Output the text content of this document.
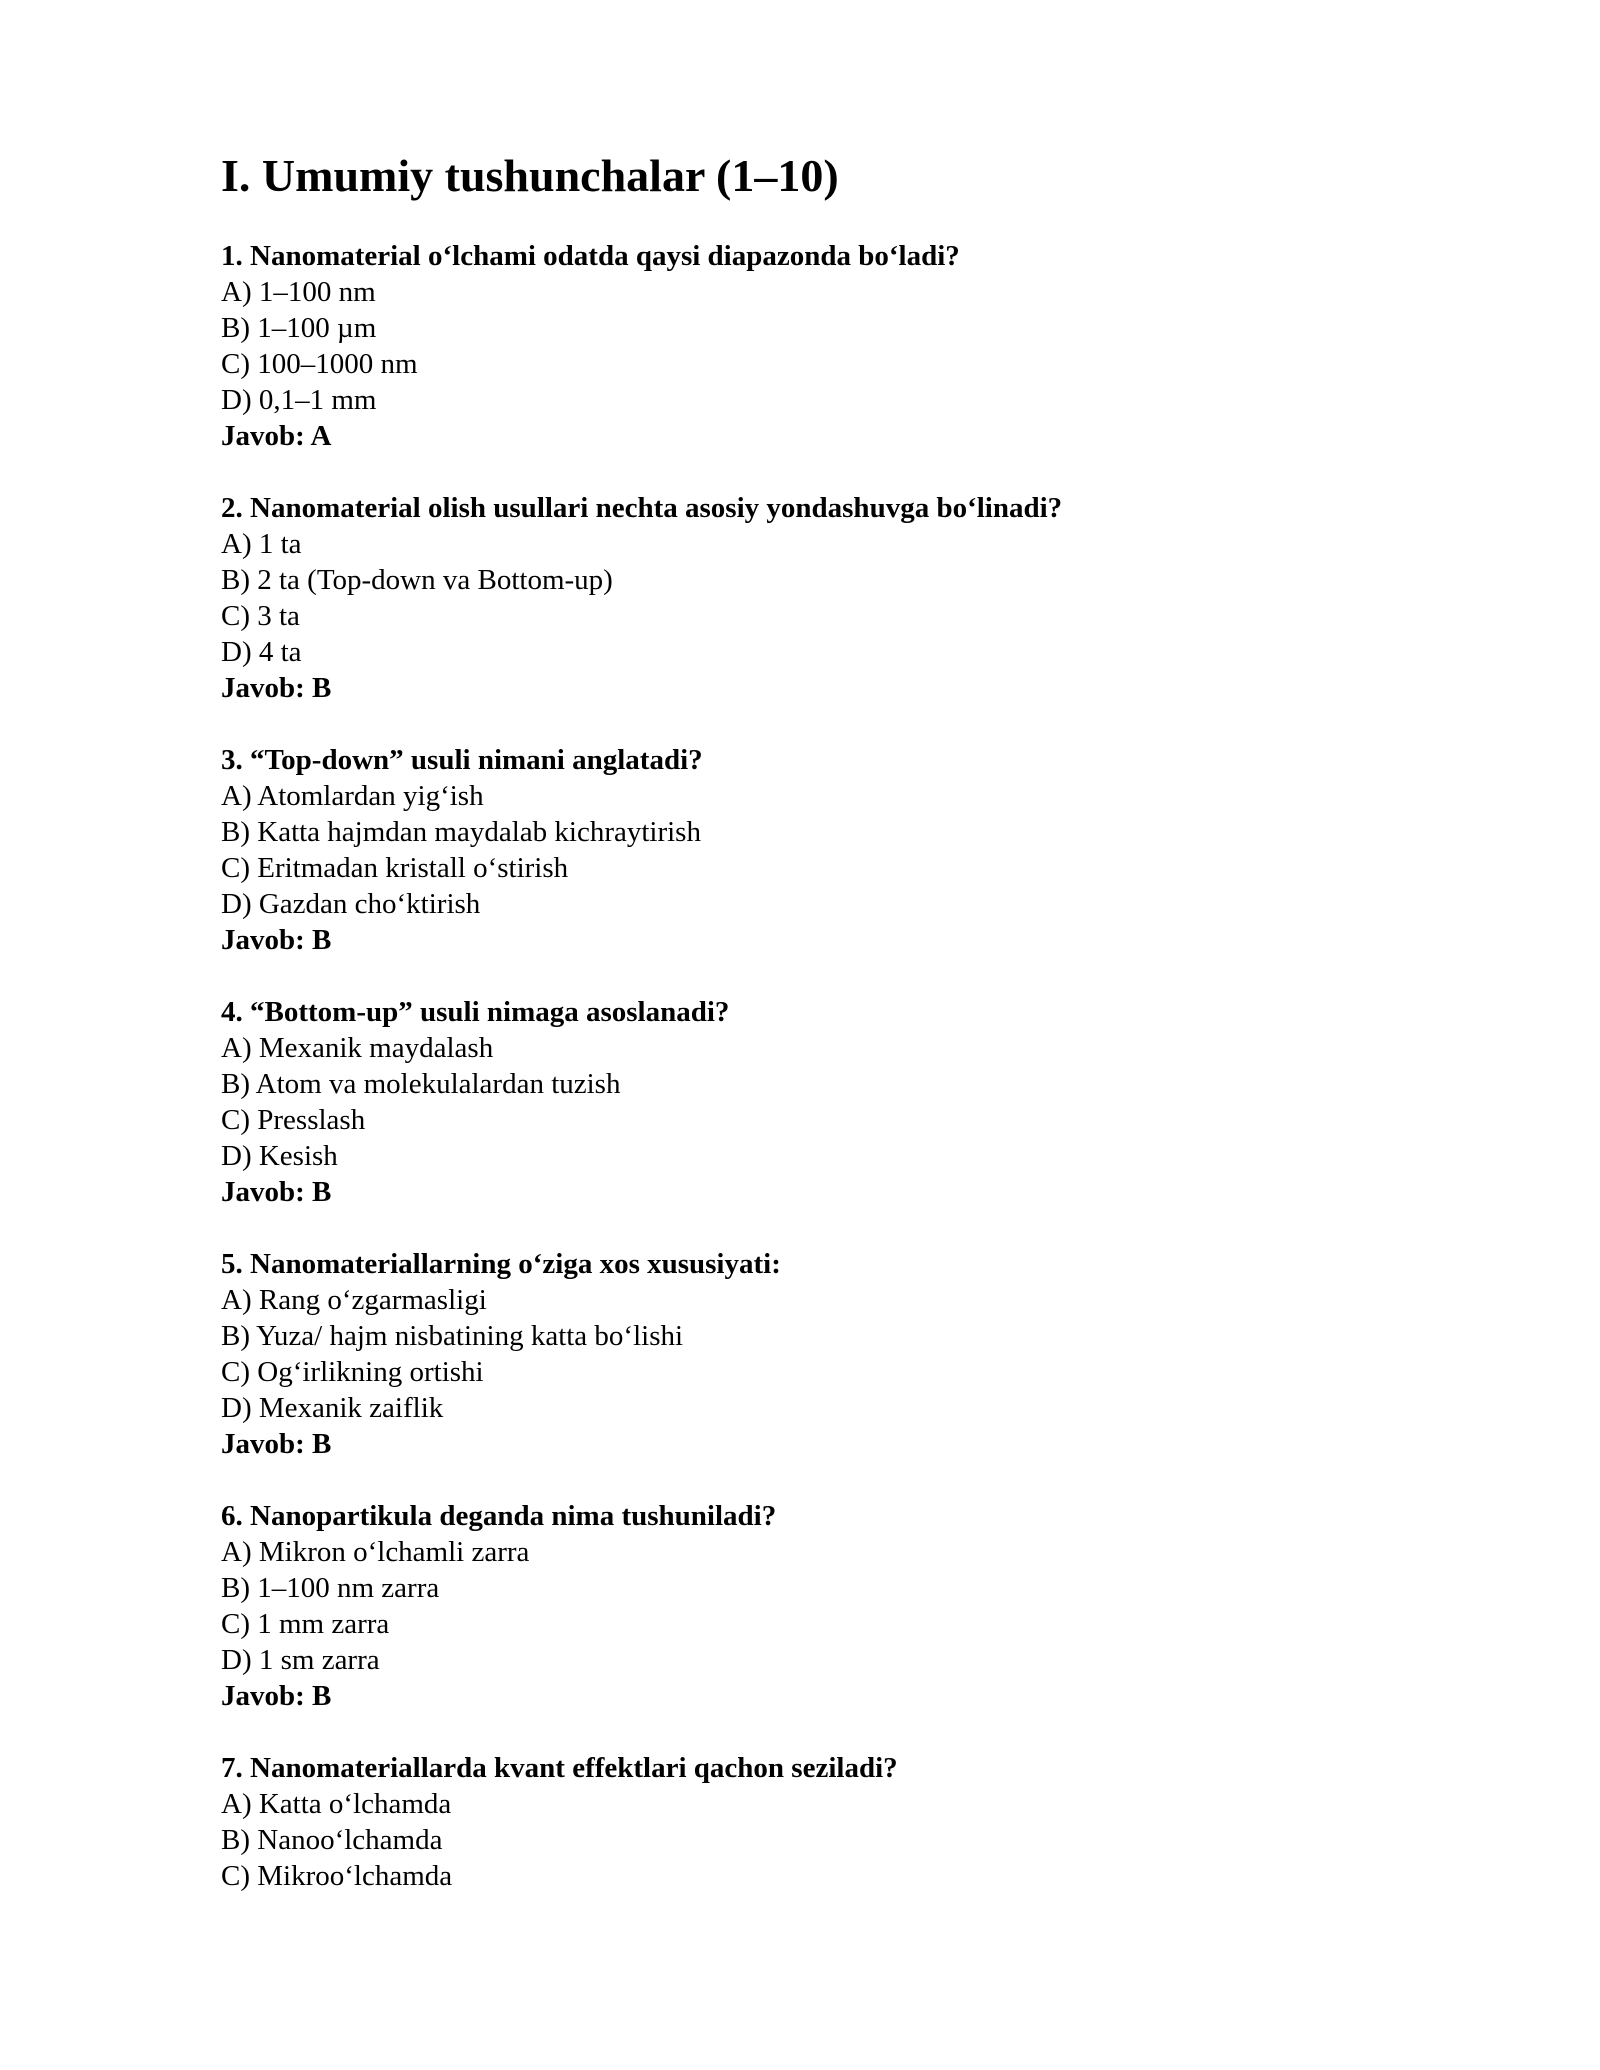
I. Umumiy tushunchalar (1–10)
1. Nanomaterial o‘lchami odatda qaysi diapazonda bo‘ladi?
A) 1–100 nm
B) 1–100 µm
C) 100–1000 nm
D) 0,1–1 mm
Javob: A
2. Nanomaterial olish usullari nechta asosiy yondashuvga bo‘linadi?
A) 1 ta
B) 2 ta (Top-down va Bottom-up)
C) 3 ta
D) 4 ta
Javob: B
3. “Top-down” usuli nimani anglatadi?
A) Atomlardan yig‘ish
B) Katta hajmdan maydalab kichraytirish
C) Eritmadan kristall o‘stirish
D) Gazdan cho‘ktirish
Javob: B
4. “Bottom-up” usuli nimaga asoslanadi?
A) Mexanik maydalash
B) Atom va molekulalardan tuzish
C) Presslash
D) Kesish
Javob: B
5. Nanomateriallarning o‘ziga xos xususiyati:
A) Rang o‘zgarmasligi
B) Yuza/ hajm nisbatining katta bo‘lishi
C) Og‘irlikning ortishi
D) Mexanik zaiflik
Javob: B
6. Nanopartikula deganda nima tushuniladi?
A) Mikron o‘lchamli zarra
B) 1–100 nm zarra
C) 1 mm zarra
D) 1 sm zarra
Javob: B
7. Nanomateriallarda kvant effektlari qachon seziladi?
A) Katta o‘lchamda
B) Nanoo‘lchamda
C) Mikroo‘lchamda
